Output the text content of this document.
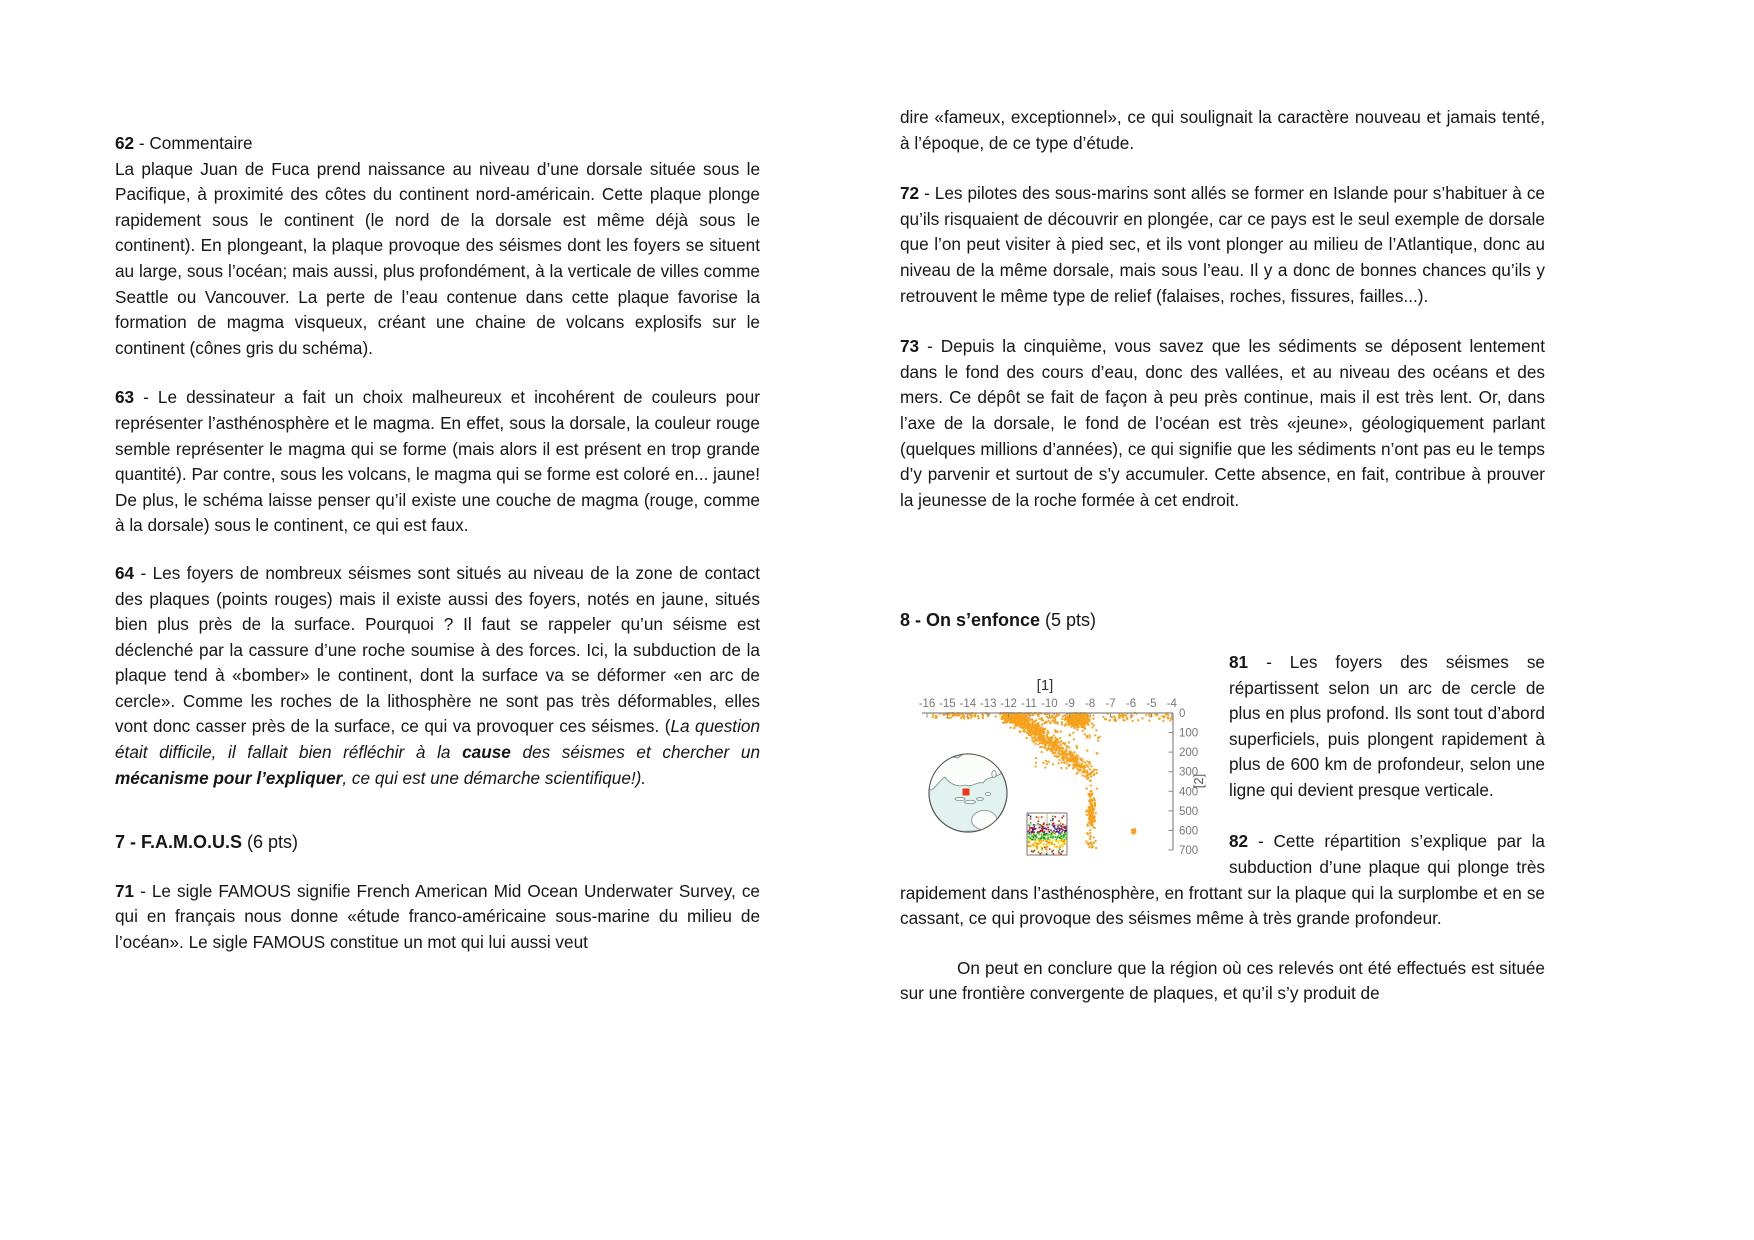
62 - Commentaire
La plaque Juan de Fuca prend naissance au niveau d’une dorsale située sous le Pacifique, à proximité des côtes du continent nord-américain. Cette plaque plonge rapidement sous le continent (le nord de la dorsale est même déjà sous le continent). En plongeant, la plaque provoque des séismes dont les foyers se situent au large, sous l’océan; mais aussi, plus profondément, à la verticale de villes comme Seattle ou Vancouver. La perte de l’eau contenue dans cette plaque favorise la formation de magma visqueux, créant une chaine de volcans explosifs sur le continent (cônes gris du schéma).

63 - Le dessinateur a fait un choix malheureux et incohérent de couleurs pour représenter l’asthénosphère et le magma. En effet, sous la dorsale, la couleur rouge semble représenter le magma qui se forme (mais alors il est présent en trop grande quantité). Par contre, sous les volcans, le magma qui se forme est coloré en... jaune! De plus, le schéma laisse penser qu’il existe une couche de magma (rouge, comme à la dorsale) sous le continent, ce qui est faux.

64 - Les foyers de nombreux séismes sont situés au niveau de la zone de contact des plaques (points rouges) mais il existe aussi des foyers, notés en jaune, situés bien plus près de la surface. Pourquoi ? Il faut se rappeler qu’un séisme est déclenché par la cassure d’une roche soumise à des forces. Ici, la subduction de la plaque tend à «bomber» le continent, dont la surface va se déformer «en arc de cercle». Comme les roches de la lithosphère ne sont pas très déformables, elles vont donc casser près de la surface, ce qui va provoquer ces séismes. (La question était difficile, il fallait bien réfléchir à la cause des séismes et chercher un mécanisme pour l’expliquer, ce qui est une démarche scientifique!).

7 - F.A.M.O.U.S (6 pts)

71 - Le sigle FAMOUS signifie French American Mid Ocean Underwater Survey, ce qui en français nous donne «étude franco-américaine sous-marine du milieu de l’océan». Le sigle FAMOUS constitue un mot qui lui aussi veut

dire «fameux, exceptionnel», ce qui soulignait la caractère nouveau et jamais tenté, à l’époque, de ce type d’étude.

72 - Les pilotes des sous-marins sont allés se former en Islande pour s’habituer à ce qu’ils risquaient de découvrir en plongée, car ce pays est le seul exemple de dorsale que l’on peut visiter à pied sec, et ils vont plonger au milieu de l’Atlantique, donc au niveau de la même dorsale, mais sous l’eau. Il y a donc de bonnes chances qu’ils y retrouvent le même type de relief (falaises, roches, fissures, failles...).

73 - Depuis la cinquième, vous savez que les sédiments se déposent lentement dans le fond des cours d’eau, donc des vallées, et au niveau des océans et des mers. Ce dépôt se fait de façon à peu près continue, mais il est très lent. Or, dans l’axe de la dorsale, le fond de l’océan est très «jeune», géologiquement parlant (quelques millions d’années), ce qui signifie que les sédiments n’ont pas eu le temps d’y parvenir et surtout de s’y accumuler. Cette absence, en fait, contribue à prouver la jeunesse de la roche formée à cet endroit.

8 - On s’enfonce (5 pts)

-16 -15 -14 -13 -12 -11 -10 -9 -8 -7 -6 -5 -4
[1]
0
100
200
300
400
500
600
700
[2]

81 - Les foyers des séismes se répartissent selon un arc de cercle de plus en plus profond. Ils sont tout d’abord superficiels, puis plongent rapidement à plus de 600 km de profondeur, selon une ligne qui devient presque verticale.

82 - Cette répartition s’explique par la subduction d’une plaque qui plonge très rapidement dans l’asthénosphère, en frottant sur la plaque qui la surplombe et en se cassant, ce qui provoque des séismes même à très grande profondeur.

On peut en conclure que la région où ces relevés ont été effectués est située sur une frontière convergente de plaques, et qu’il s’y produit de
